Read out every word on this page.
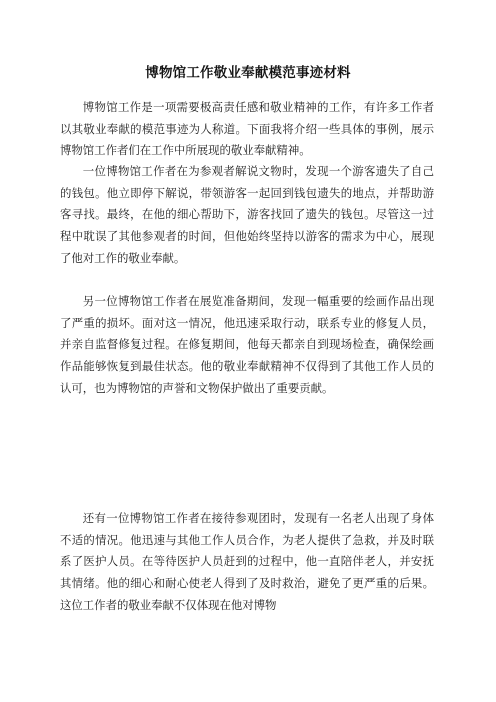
博物馆工作敬业奉献模范事迹材料

博物馆工作是一项需要极高责任感和敬业精神的工作，有许多工作者以其敬业奉献的模范事迹为人称道。下面我将介绍一些具体的事例，展示博物馆工作者们在工作中所展现的敬业奉献精神。

一位博物馆工作者在为参观者解说文物时，发现一个游客遗失了自己的钱包。他立即停下解说，带领游客一起回到钱包遗失的地点，并帮助游客寻找。最终，在他的细心帮助下，游客找回了遗失的钱包。尽管这一过程中耽误了其他参观者的时间，但他始终坚持以游客的需求为中心，展现了他对工作的敬业奉献。

另一位博物馆工作者在展览准备期间，发现一幅重要的绘画作品出现了严重的损坏。面对这一情况，他迅速采取行动，联系专业的修复人员，并亲自监督修复过程。在修复期间，他每天都亲自到现场检查，确保绘画作品能够恢复到最佳状态。他的敬业奉献精神不仅得到了其他工作人员的认可，也为博物馆的声誉和文物保护做出了重要贡献。

还有一位博物馆工作者在接待参观团时，发现有一名老人出现了身体不适的情况。他迅速与其他工作人员合作，为老人提供了急救，并及时联系了医护人员。在等待医护人员赶到的过程中，他一直陪伴老人，并安抚其情绪。他的细心和耐心使老人得到了及时救治，避免了更严重的后果。这位工作者的敬业奉献不仅体现在他对博物
